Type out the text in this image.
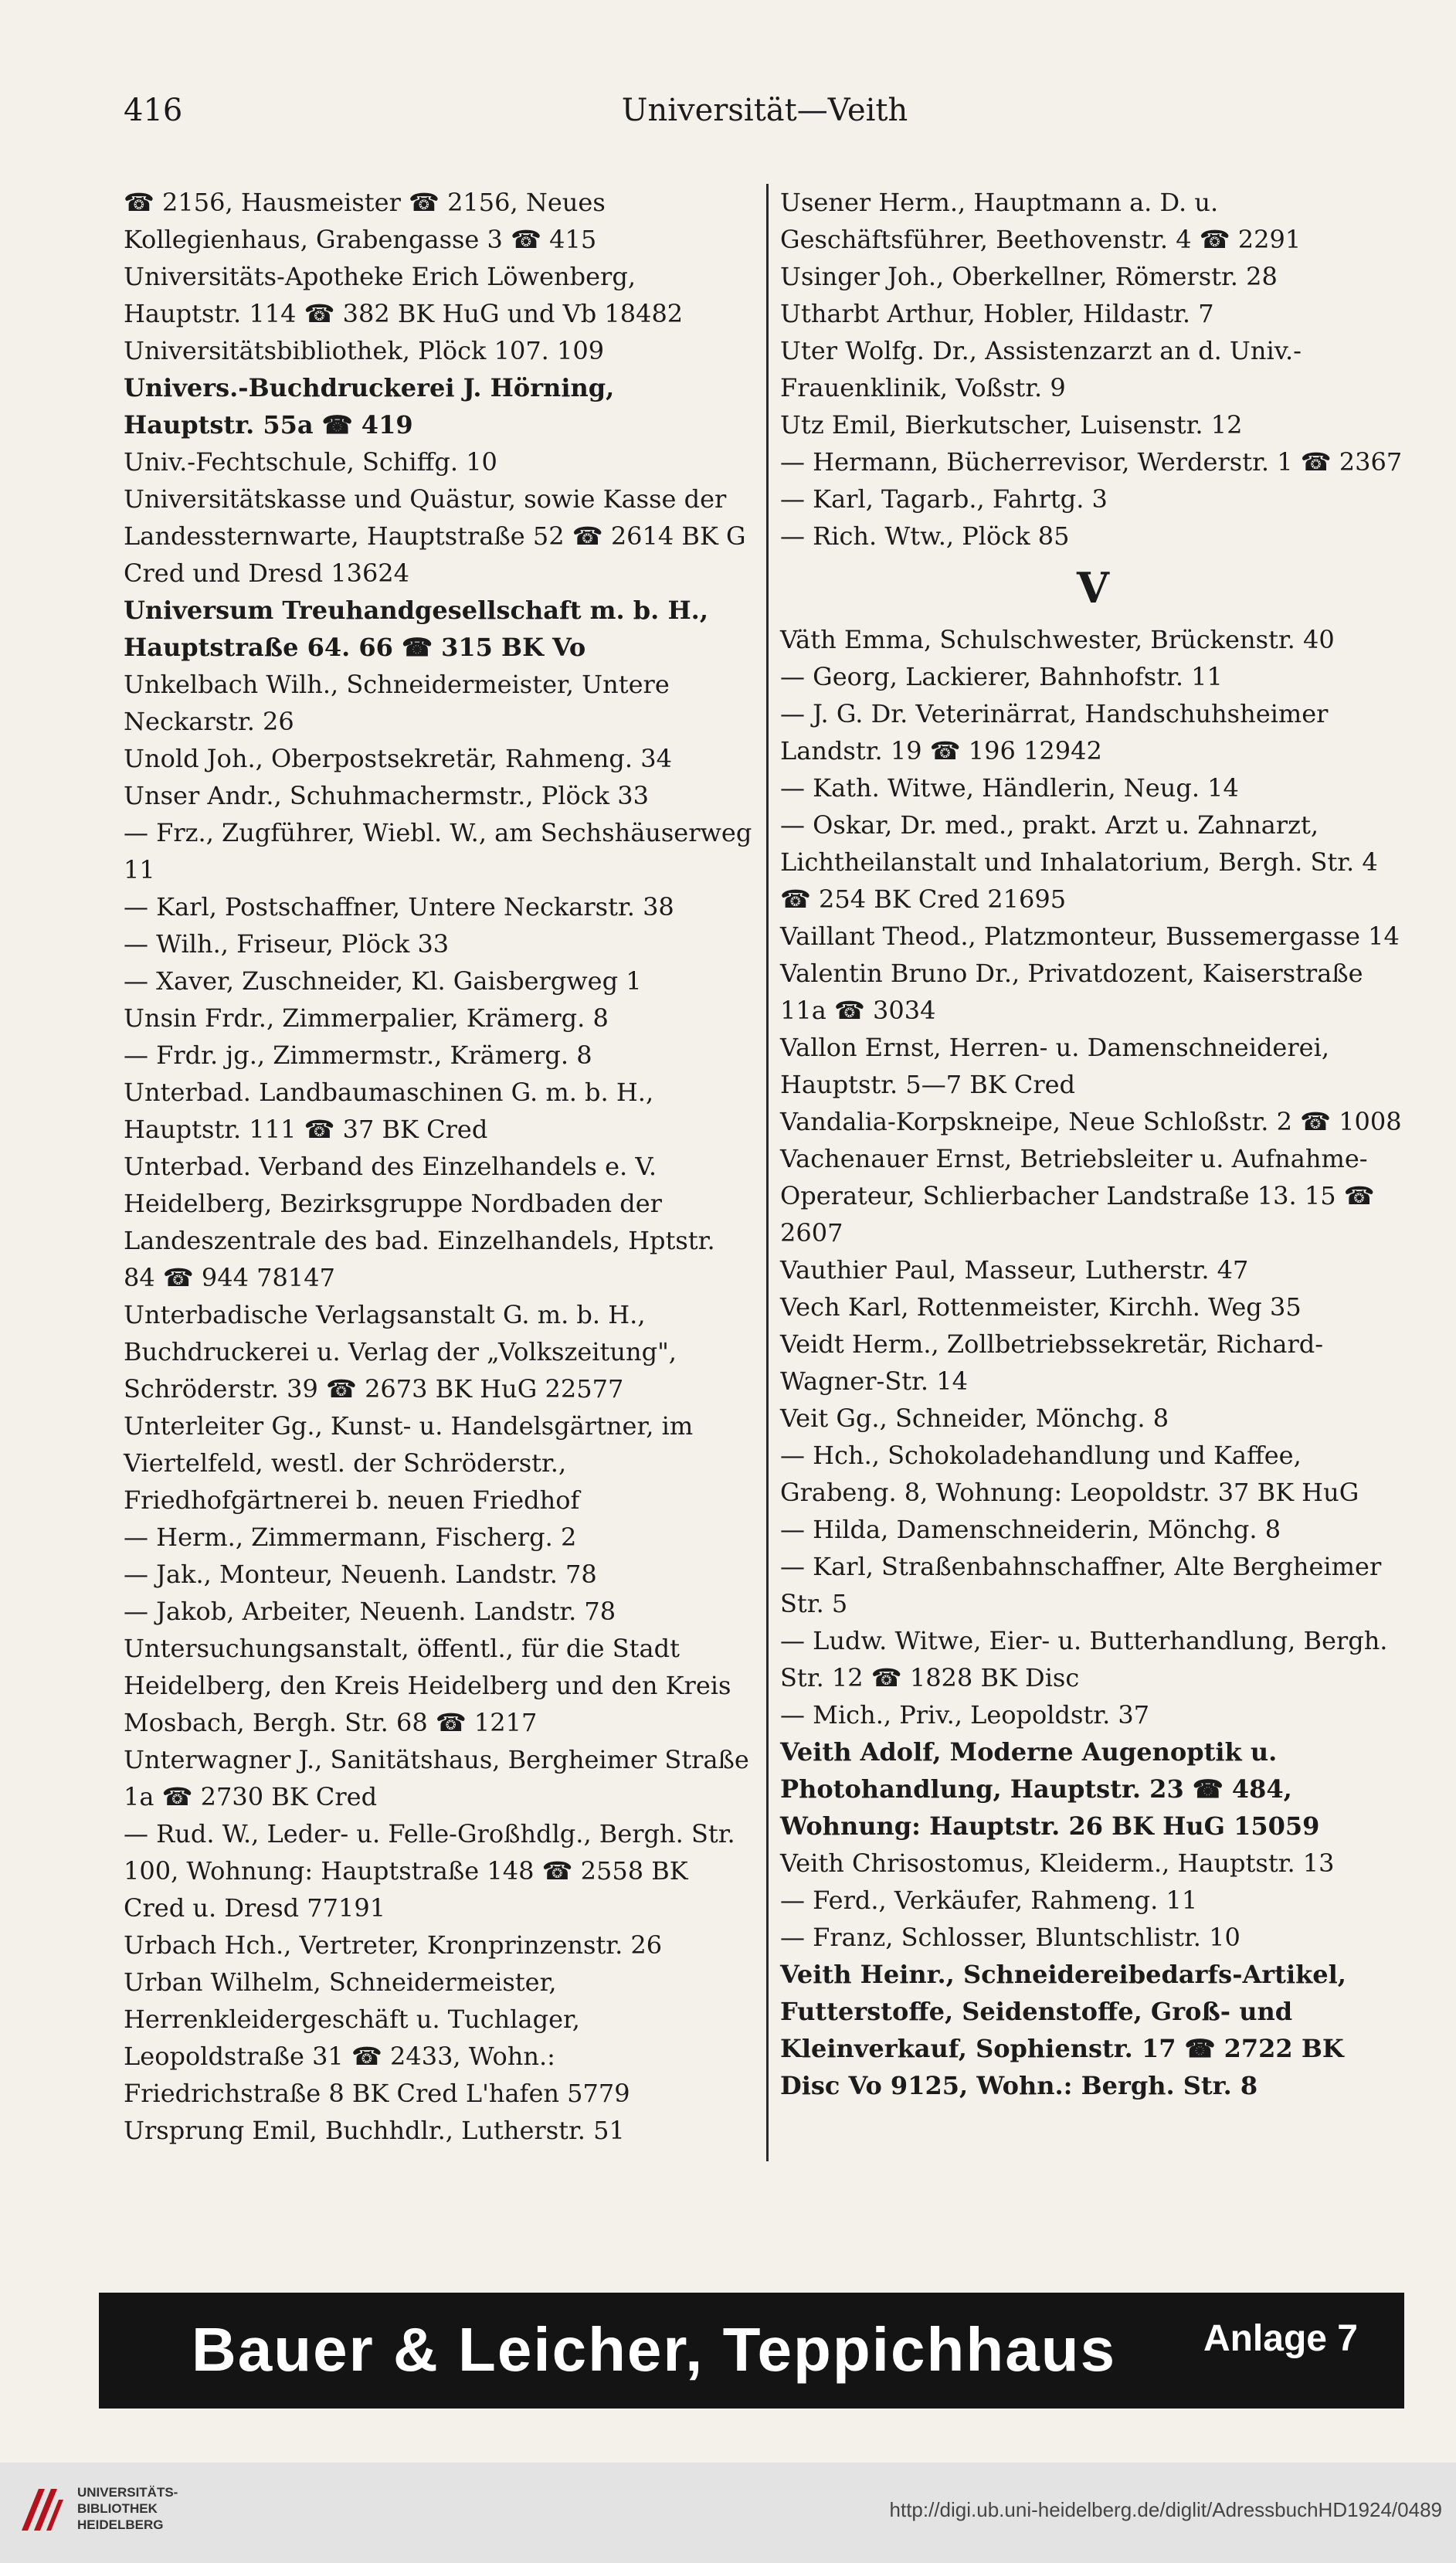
416	Universität—Veith

☎ 2156, Hausmeister ☎ 2156, Neues Kollegienhaus, Grabengasse 3 ☎ 415

Universitäts-Apotheke Erich Löwenberg, Hauptstr. 114 ☎ 382 BK HuG und Vb 18482

Universitätsbibliothek, Plöck 107. 109

Univers.-Buchdruckerei J. Hörning, Hauptstr. 55a ☎ 419

Univ.-Fechtschule, Schiffg. 10

Universitätskasse und Quästur, sowie Kasse der Landessternwarte, Hauptstraße 52 ☎ 2614 BK G Cred und Dresd 13624

Universum Treuhandgesellschaft m. b. H., Hauptstraße 64. 66 ☎ 315 BK Vo

Unkelbach Wilh., Schneidermeister, Untere Neckarstr. 26

Unold Joh., Oberpostsekretär, Rahmeng. 34

Unser Andr., Schuhmachermstr., Plöck 33

— Frz., Zugführer, Wiebl. W., am Sechshäuserweg 11

— Karl, Postschaffner, Untere Neckarstr. 38

— Wilh., Friseur, Plöck 33

— Xaver, Zuschneider, Kl. Gaisbergweg 1

Unsin Frdr., Zimmerpalier, Krämerg. 8

— Frdr. jg., Zimmermstr., Krämerg. 8

Unterbad. Landbaumaschinen G. m. b. H., Hauptstr. 111 ☎ 37 BK Cred

Unterbad. Verband des Einzelhandels e. V. Heidelberg, Bezirksgruppe Nordbaden der Landeszentrale des bad. Einzelhandels, Hptstr. 84 ☎ 944 78147

Unterbadische Verlagsanstalt G. m. b. H., Buchdruckerei u. Verlag der „Volkszeitung", Schröderstr. 39 ☎ 2673 BK HuG 22577

Unterleiter Gg., Kunst- u. Handelsgärtner, im Viertelfeld, westl. der Schröderstr., Friedhofgärtnerei b. neuen Friedhof

— Herm., Zimmermann, Fischerg. 2

— Jak., Monteur, Neuenh. Landstr. 78

— Jakob, Arbeiter, Neuenh. Landstr. 78

Untersuchungsanstalt, öffentl., für die Stadt Heidelberg, den Kreis Heidelberg und den Kreis Mosbach, Bergh. Str. 68 ☎ 1217

Unterwagner J., Sanitätshaus, Bergheimer Straße 1a ☎ 2730 BK Cred

— Rud. W., Leder- u. Felle-Großhdlg., Bergh. Str. 100, Wohnung: Hauptstraße 148 ☎ 2558 BK Cred u. Dresd 77191

Urbach Hch., Vertreter, Kronprinzenstr. 26

Urban Wilhelm, Schneidermeister, Herrenkleidergeschäft u. Tuchlager, Leopoldstraße 31 ☎ 2433, Wohn.: Friedrichstraße 8 BK Cred L'hafen 5779

Ursprung Emil, Buchhdlr., Lutherstr. 51

Usener Herm., Hauptmann a. D. u. Geschäftsführer, Beethovenstr. 4 ☎ 2291

Usinger Joh., Oberkellner, Römerstr. 28

Utharbt Arthur, Hobler, Hildastr. 7

Uter Wolfg. Dr., Assistenzarzt an d. Univ.-Frauenklinik, Voßstr. 9

Utz Emil, Bierkutscher, Luisenstr. 12

— Hermann, Bücherrevisor, Werderstr. 1 ☎ 2367

— Karl, Tagarb., Fahrtg. 3

— Rich. Wtw., Plöck 85

V

Väth Emma, Schulschwester, Brückenstr. 40

— Georg, Lackierer, Bahnhofstr. 11

— J. G. Dr. Veterinärrat, Handschuhsheimer Landstr. 19 ☎ 196 12942

— Kath. Witwe, Händlerin, Neug. 14

— Oskar, Dr. med., prakt. Arzt u. Zahnarzt, Lichtheilanstalt und Inhalatorium, Bergh. Str. 4 ☎ 254 BK Cred 21695

Vaillant Theod., Platzmonteur, Bussemergasse 14

Valentin Bruno Dr., Privatdozent, Kaiserstraße 11a ☎ 3034

Vallon Ernst, Herren- u. Damenschneiderei, Hauptstr. 5—7 BK Cred

Vandalia-Korpskneipe, Neue Schloßstr. 2 ☎ 1008

Vachenauer Ernst, Betriebsleiter u. Aufnahme-Operateur, Schlierbacher Landstraße 13. 15 ☎ 2607

Vauthier Paul, Masseur, Lutherstr. 47

Vech Karl, Rottenmeister, Kirchh. Weg 35

Veidt Herm., Zollbetriebssekretär, Richard-Wagner-Str. 14

Veit Gg., Schneider, Mönchg. 8

— Hch., Schokoladehandlung und Kaffee, Grabeng. 8, Wohnung: Leopoldstr. 37 BK HuG

— Hilda, Damenschneiderin, Mönchg. 8

— Karl, Straßenbahnschaffner, Alte Bergheimer Str. 5

— Ludw. Witwe, Eier- u. Butterhandlung, Bergh. Str. 12 ☎ 1828 BK Disc

— Mich., Priv., Leopoldstr. 37

Veith Adolf, Moderne Augenoptik u. Photohandlung, Hauptstr. 23 ☎ 484, Wohnung: Hauptstr. 26 BK HuG 15059

Veith Chrisostomus, Kleiderm., Hauptstr. 13

— Ferd., Verkäufer, Rahmeng. 11

— Franz, Schlosser, Bluntschlistr. 10

Veith Heinr., Schneidereibedarfs-Artikel, Futterstoffe, Seidenstoffe, Groß- und Kleinverkauf, Sophienstr. 17 ☎ 2722 BK Disc Vo 9125, Wohn.: Bergh. Str. 8

Bauer & Leicher, Teppichhaus Anlage 7
UNIVERSITÄTS-
BIBLIOTHEK
HEIDELBERG
http://digi.ub.uni-heidelberg.de/diglit/AdressbuchHD1924/0489
